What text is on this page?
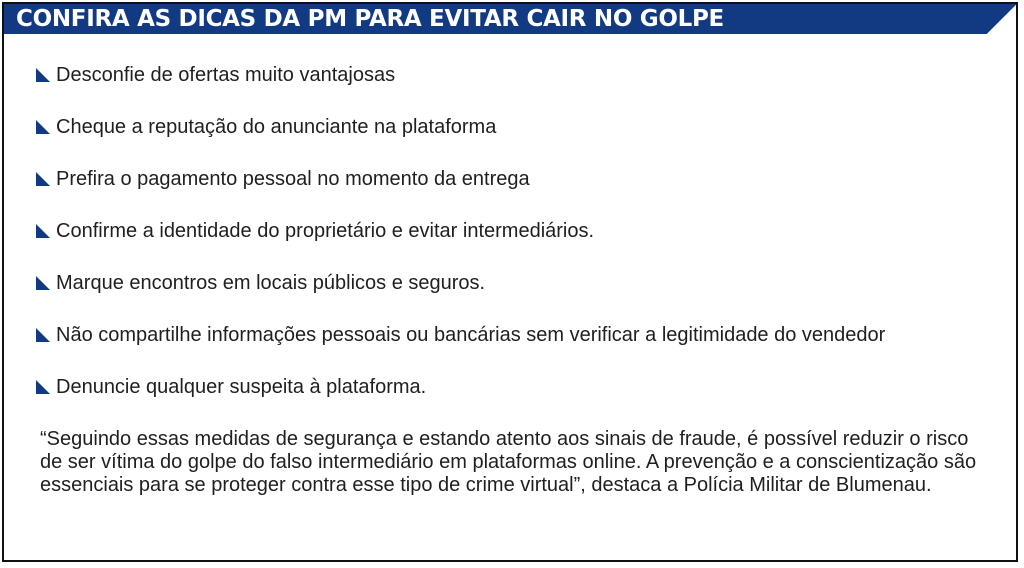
CONFIRA AS DICAS DA PM PARA EVITAR CAIR NO GOLPE
Desconfie de ofertas muito vantajosas
Cheque a reputação do anunciante na plataforma
Prefira o pagamento pessoal no momento da entrega
Confirme a identidade do proprietário e evitar intermediários.
Marque encontros em locais públicos e seguros.
Não compartilhe informações pessoais ou bancárias sem verificar a legitimidade do vendedor
Denuncie qualquer suspeita à plataforma.

“Seguindo essas medidas de segurança e estando atento aos sinais de fraude, é possível reduzir o risco de ser vítima do golpe do falso intermediário em plataformas online. A prevenção e a conscientização são essenciais para se proteger contra esse tipo de crime virtual”, destaca a Polícia Militar de Blumenau.
